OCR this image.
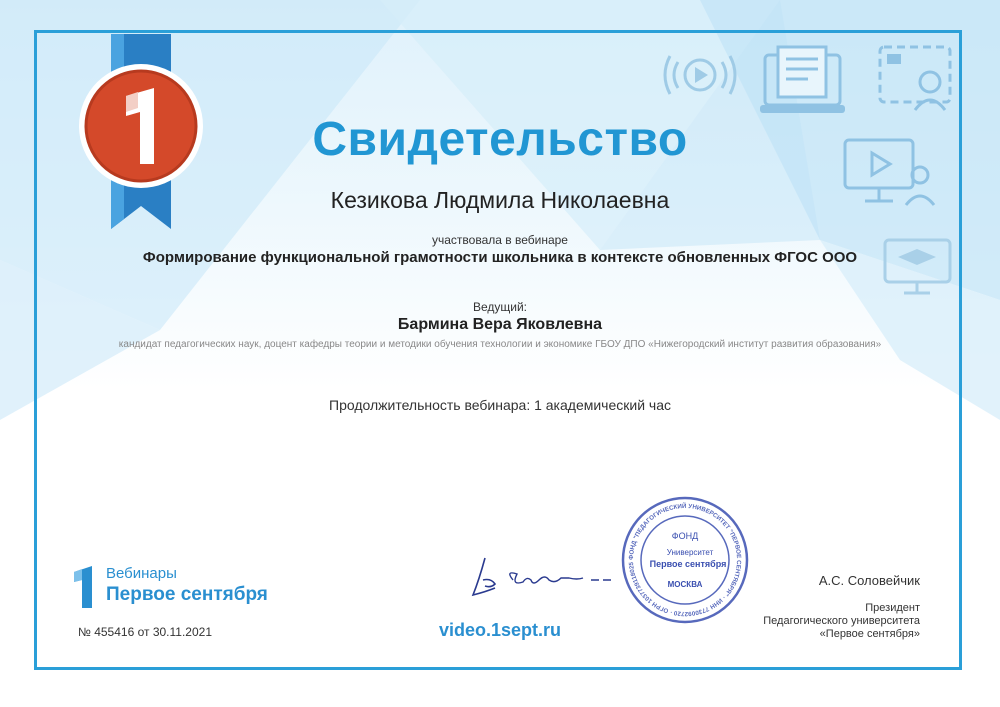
Свидетельство
Кезикова Людмила Николаевна
участвовала в вебинаре
Формирование функциональной грамотности школьника в контексте обновленных ФГОС ООО
Ведущий:
Бармина Вера Яковлевна
кандидат педагогических наук, доцент кафедры теории и методики обучения технологии и экономике ГБОУ ДПО «Нижегородский институт развития образования»
Продолжительность вебинара: 1 академический час
Вебинары
Первое сентября
№ 455416 от 30.11.2021	video.1sept.ru
ФОНД "ПЕДАГОГИЧЕСКИЙ УНИВЕРСИТЕТ "ПЕРВОЕ СЕНТЯБРЯ" · ИНН 7730092720 · ОГРН 1037739118025
ФОНД
Университет
Первое сентября
МОСКВА	А.С. Соловейчик
Президент
Педагогического университета
«Первое сентября»
